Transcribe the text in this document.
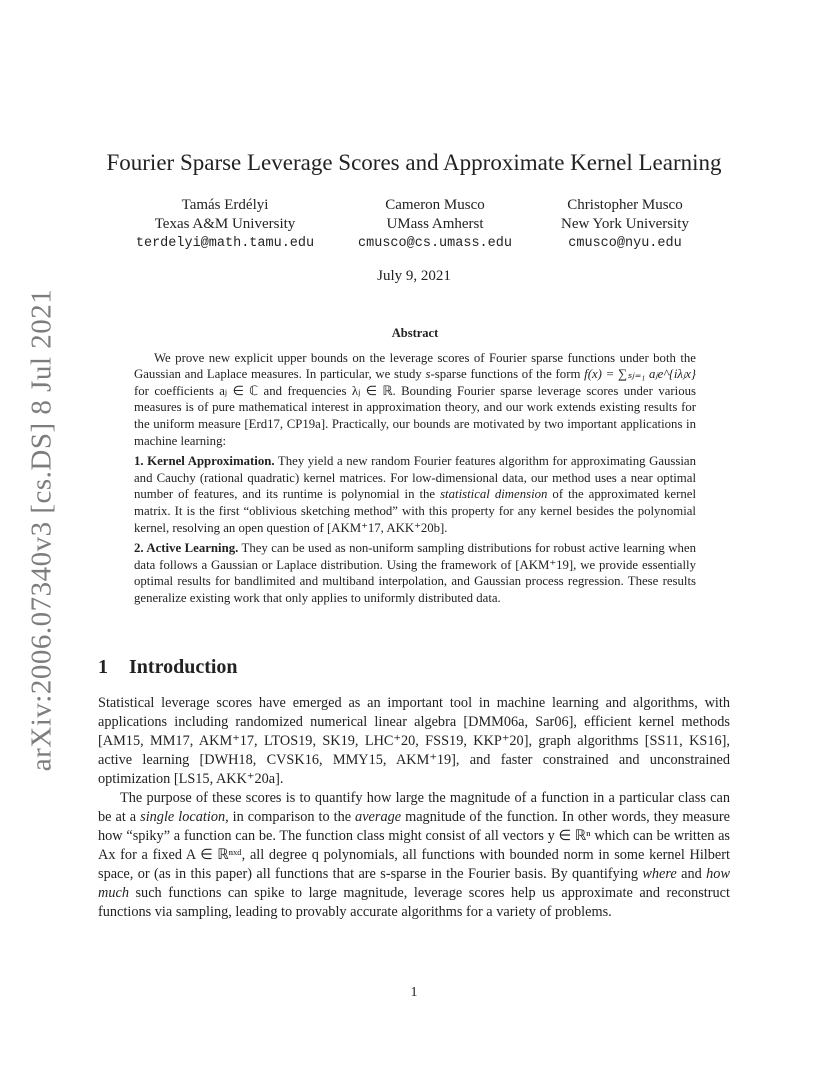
arXiv:2006.07340v3 [cs.DS] 8 Jul 2021
Fourier Sparse Leverage Scores and Approximate Kernel Learning
Tamás Erdélyi
Texas A&M University
terdelyi@math.tamu.edu
Cameron Musco
UMass Amherst
cmusco@cs.umass.edu
Christopher Musco
New York University
cmusco@nyu.edu
July 9, 2021
Abstract

We prove new explicit upper bounds on the leverage scores of Fourier sparse functions under both the Gaussian and Laplace measures. In particular, we study s-sparse functions of the form f(x) = ∑ₛⱼ₌₁ aⱼe^{iλⱼx} for coefficients aⱼ ∈ ℂ and frequencies λⱼ ∈ ℝ. Bounding Fourier sparse leverage scores under various measures is of pure mathematical interest in approximation theory, and our work extends existing results for the uniform measure [Erd17, CP19a]. Practically, our bounds are motivated by two important applications in machine learning:

1. Kernel Approximation. They yield a new random Fourier features algorithm for approximating Gaussian and Cauchy (rational quadratic) kernel matrices. For low-dimensional data, our method uses a near optimal number of features, and its runtime is polynomial in the statistical dimension of the approximated kernel matrix. It is the first “oblivious sketching method” with this property for any kernel besides the polynomial kernel, resolving an open question of [AKM⁺17, AKK⁺20b].

2. Active Learning. They can be used as non-uniform sampling distributions for robust active learning when data follows a Gaussian or Laplace distribution. Using the framework of [AKM⁺19], we provide essentially optimal results for bandlimited and multiband interpolation, and Gaussian process regression. These results generalize existing work that only applies to uniformly distributed data.

1 Introduction

Statistical leverage scores have emerged as an important tool in machine learning and algorithms, with applications including randomized numerical linear algebra [DMM06a, Sar06], efficient kernel methods [AM15, MM17, AKM⁺17, LTOS19, SK19, LHC⁺20, FSS19, KKP⁺20], graph algorithms [SS11, KS16], active learning [DWH18, CVSK16, MMY15, AKM⁺19], and faster constrained and unconstrained optimization [LS15, AKK⁺20a].

The purpose of these scores is to quantify how large the magnitude of a function in a particular class can be at a single location, in comparison to the average magnitude of the function. In other words, they measure how “spiky” a function can be. The function class might consist of all vectors y ∈ ℝⁿ which can be written as Ax for a fixed A ∈ ℝⁿˣᵈ, all degree q polynomials, all functions with bounded norm in some kernel Hilbert space, or (as in this paper) all functions that are s-sparse in the Fourier basis. By quantifying where and how much such functions can spike to large magnitude, leverage scores help us approximate and reconstruct functions via sampling, leading to provably accurate algorithms for a variety of problems.

1
